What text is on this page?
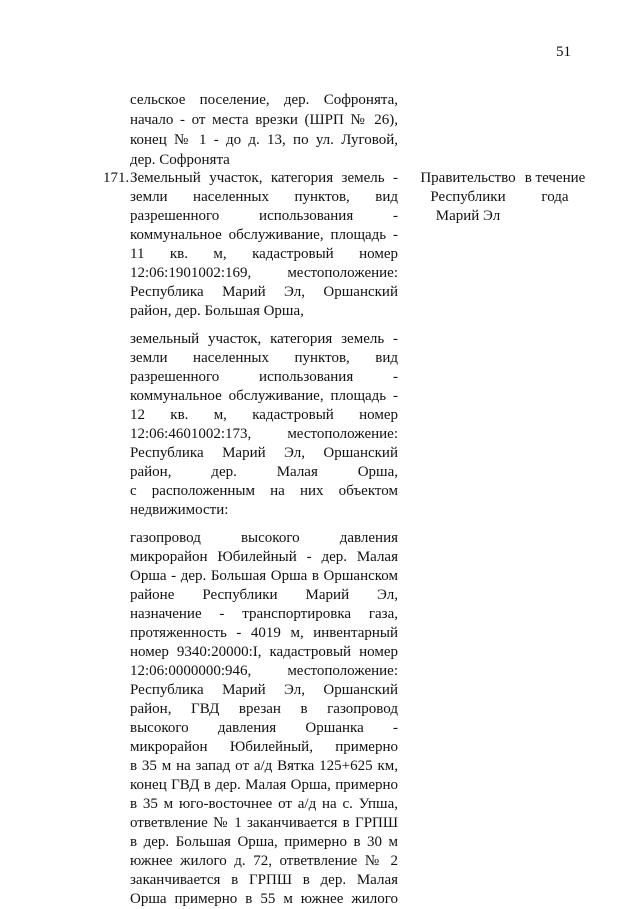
51
сельское поселение, дер. Софронята,
начало - от места врезки (ШРП № 26),
конец № 1 - до д. 13, по ул. Луговой,
дер. Софронята
171. Земельный участок, категория земель -
земли населенных пунктов, вид
разрешенного использования -
коммунальное обслуживание, площадь -
11 кв. м, кадастровый номер
12:06:1901002:169, местоположение:
Республика Марий Эл, Оршанский
район, дер. Большая Орша,
земельный участок, категория земель -
земли населенных пунктов, вид
разрешенного использования -
коммунальное обслуживание, площадь -
12 кв. м, кадастровый номер
12:06:4601002:173, местоположение:
Республика Марий Эл, Оршанский
район, дер. Малая Орша,
с расположенным на них объектом
недвижимости:
газопровод высокого давления
микрорайон Юбилейный - дер. Малая
Орша - дер. Большая Орша в Оршанском
районе Республики Марий Эл,
назначение - транспортировка газа,
протяженность - 4019 м, инвентарный
номер 9340:20000:I, кадастровый номер
12:06:0000000:946, местоположение:
Республика Марий Эл, Оршанский
район, ГВД врезан в газопровод
высокого давления Оршанка -
микрорайон Юбилейный, примерно
в 35 м на запад от а/д Вятка 125+625 км,
конец ГВД в дер. Малая Орша, примерно
в 35 м юго-восточнее от а/д на с. Упша,
ответвление № 1 заканчивается в ГРПШ
в дер. Большая Орша, примерно в 30 м
южнее жилого д. 72, ответвление № 2
заканчивается в ГРПШ в дер. Малая
Орша примерно в 55 м южнее жилого
Правительство
Республики
Марий Эл
в течение
года
